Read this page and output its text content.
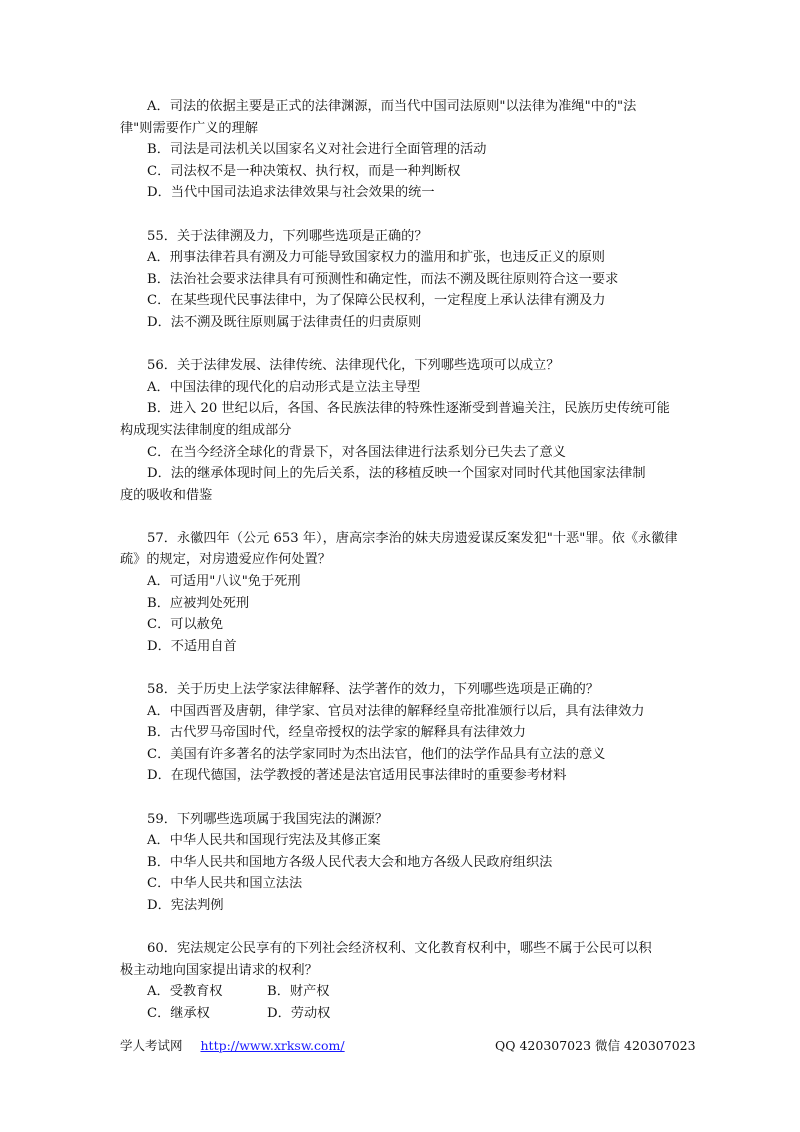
A．司法的依据主要是正式的法律渊源，而当代中国司法原则"以法律为准绳"中的"法
律"则需要作广义的理解
B．司法是司法机关以国家名义对社会进行全面管理的活动
C．司法权不是一种决策权、执行权，而是一种判断权
D．当代中国司法追求法律效果与社会效果的统一
55．关于法律溯及力，下列哪些选项是正确的？
A．刑事法律若具有溯及力可能导致国家权力的滥用和扩张，也违反正义的原则
B．法治社会要求法律具有可预测性和确定性，而法不溯及既往原则符合这一要求
C．在某些现代民事法律中，为了保障公民权利，一定程度上承认法律有溯及力
D．法不溯及既往原则属于法律责任的归责原则
56．关于法律发展、法律传统、法律现代化，下列哪些选项可以成立？
A．中国法律的现代化的启动形式是立法主导型
B．进入 20 世纪以后，各国、各民族法律的特殊性逐渐受到普遍关注，民族历史传统可能
构成现实法律制度的组成部分
C．在当今经济全球化的背景下，对各国法律进行法系划分已失去了意义
D．法的继承体现时间上的先后关系，法的移植反映一个国家对同时代其他国家法律制
度的吸收和借鉴
57．永徽四年（公元 653 年），唐高宗李治的妹夫房遗爱谋反案发犯"十恶"罪。依《永徽律
疏》的规定，对房遗爱应作何处置？
A．可适用"八议"免于死刑
B．应被判处死刑
C．可以赦免
D．不适用自首
58．关于历史上法学家法律解释、法学著作的效力，下列哪些选项是正确的？
A．中国西晋及唐朝，律学家、官员对法律的解释经皇帝批准颁行以后，具有法律效力
B．古代罗马帝国时代，经皇帝授权的法学家的解释具有法律效力
C．美国有许多著名的法学家同时为杰出法官，他们的法学作品具有立法的意义
D．在现代德国，法学教授的著述是法官适用民事法律时的重要参考材料
59．下列哪些选项属于我国宪法的渊源？
A．中华人民共和国现行宪法及其修正案
B．中华人民共和国地方各级人民代表大会和地方各级人民政府组织法
C．中华人民共和国立法法
D．宪法判例
60．宪法规定公民享有的下列社会经济权利、文化教育权利中，哪些不属于公民可以积
极主动地向国家提出请求的权利？
A．受教育权	B．财产权
C．继承权	D．劳动权
学人考试网 http://www.xrksw.com/	QQ 420307023 微信 420307023
